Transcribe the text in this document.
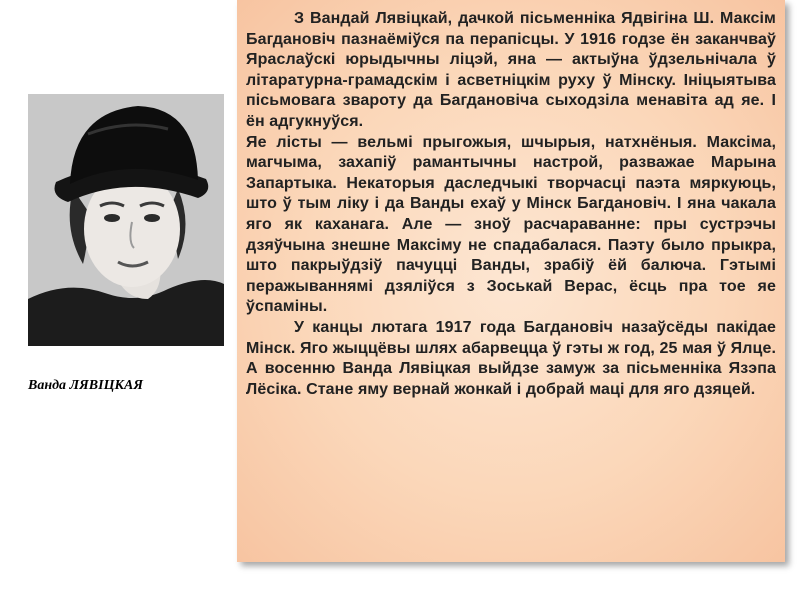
Ванда ЛЯВІЦКАЯ

З Вандай Лявіцкай, дачкой пісьменніка Ядвігіна Ш. Максім Багдановіч пазнаёміўся па перапісцы. У 1916 годзе ён заканчваў Яраслаўскі юрыдычны ліцэй, яна — актыўна ўдзельнічала ў літаратурна-грамадскім і асветніцкім руху ў Мінску. Ініцыятыва пісьмовага звароту да Багдановіча сыходзіла менавіта ад яе. І ён адгукнуўся.

Яе лісты — вельмі прыгожыя, шчырыя, натхнёныя. Максіма, магчыма, захапіў рамантычны настрой, разважае Марына Запартыка. Некаторыя даследчыкі творчасці паэта мяркуюць, што ў тым ліку і да Ванды ехаў у Мінск Багдановіч. І яна чакала яго як каханага. Але — зноў расчараванне: пры сустрэчы дзяўчына знешне Максіму не спадабалася. Паэту было прыкра, што пакрыўдзіў пачуцці Ванды, зрабіў ёй балюча. Гэтымі перажываннямі дзяліўся з Зоськай Верас, ёсць пра тое яе ўспаміны.

У канцы лютага 1917 года Багдановіч назаўсёды пакідае Мінск. Яго жыццёвы шлях абарвецца ў гэты ж год, 25 мая ў Ялце. А восенню Ванда Лявіцкая выйдзе замуж за пісьменніка Язэпа Лёсіка. Стане яму вернай жонкай і добрай маці для яго дзяцей.
